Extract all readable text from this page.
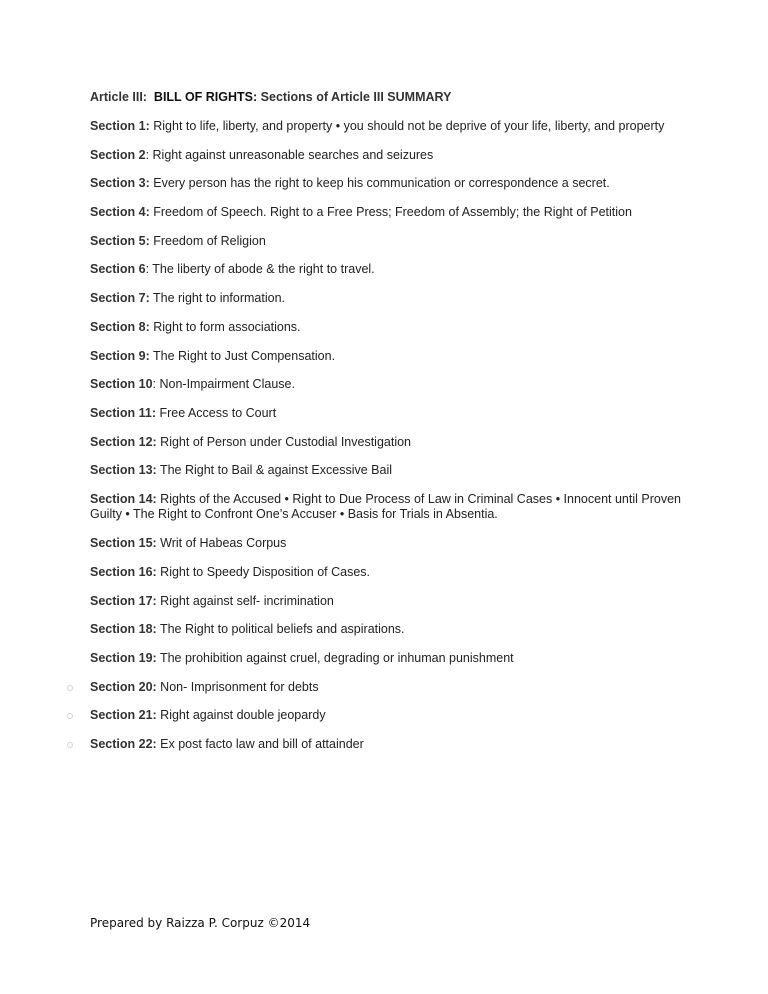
Article III: BILL OF RIGHTS: Sections of Article III SUMMARY
Section 1: Right to life, liberty, and property • you should not be deprive of your life, liberty, and property
Section 2: Right against unreasonable searches and seizures
Section 3: Every person has the right to keep his communication or correspondence a secret.
Section 4: Freedom of Speech. Right to a Free Press; Freedom of Assembly; the Right of Petition
Section 5: Freedom of Religion
Section 6: The liberty of abode & the right to travel.
Section 7: The right to information.
Section 8: Right to form associations.
Section 9: The Right to Just Compensation.
Section 10: Non-Impairment Clause.
Section 11: Free Access to Court
Section 12: Right of Person under Custodial Investigation
Section 13: The Right to Bail & against Excessive Bail
Section 14: Rights of the Accused • Right to Due Process of Law in Criminal Cases • Innocent until Proven Guilty • The Right to Confront One’s Accuser • Basis for Trials in Absentia.
Section 15: Writ of Habeas Corpus
Section 16: Right to Speedy Disposition of Cases.
Section 17: Right against self- incrimination
Section 18: The Right to political beliefs and aspirations.
Section 19: The prohibition against cruel, degrading or inhuman punishment
Section 20: Non- Imprisonment for debts
Section 21: Right against double jeopardy
Section 22: Ex post facto law and bill of attainder
Prepared by Raizza P. Corpuz ©2014
